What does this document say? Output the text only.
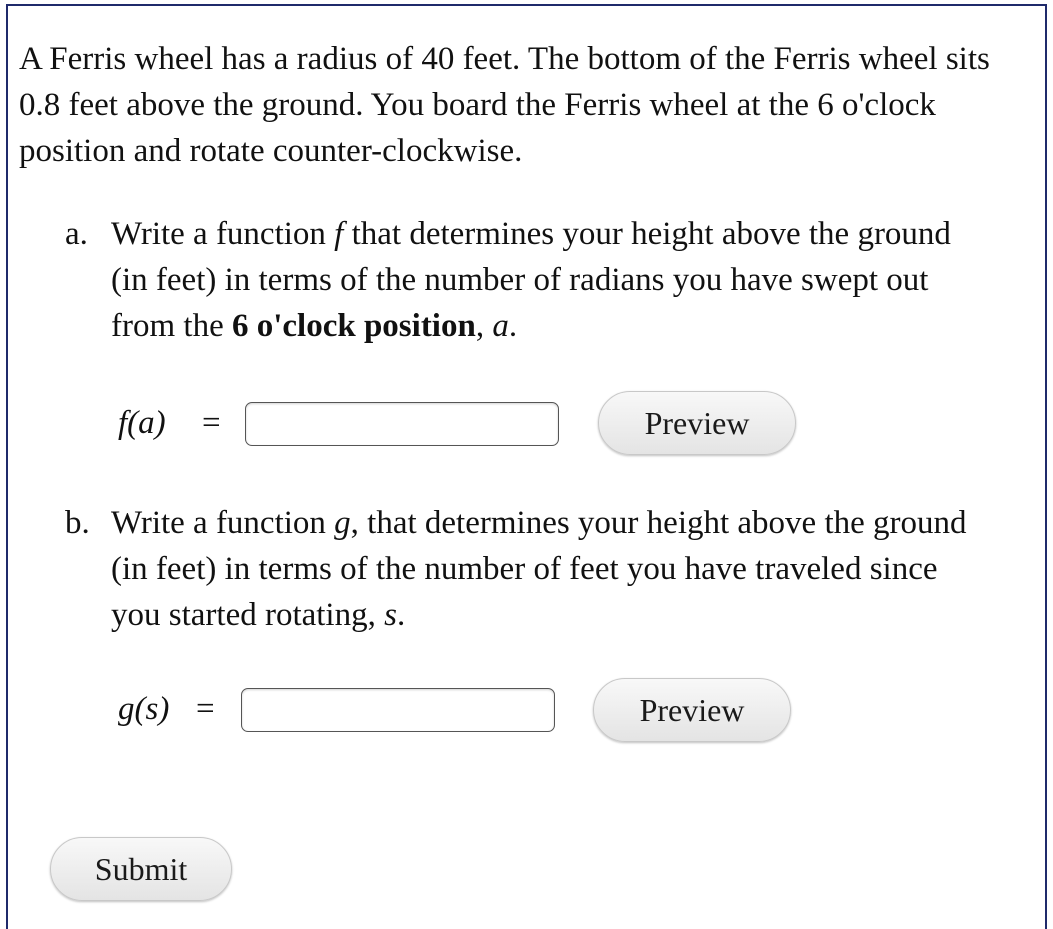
A Ferris wheel has a radius of 40 feet. The bottom of the Ferris wheel sits 0.8 feet above the ground. You board the Ferris wheel at the 6 o'clock position and rotate counter-clockwise.

a. Write a function f that determines your height above the ground (in feet) in terms of the number of radians you have swept out from the 6 o'clock position, a.
f(a) =	Preview
b. Write a function g, that determines your height above the ground (in feet) in terms of the number of feet you have traveled since you started rotating, s.
g(s) =	Preview
Submit
